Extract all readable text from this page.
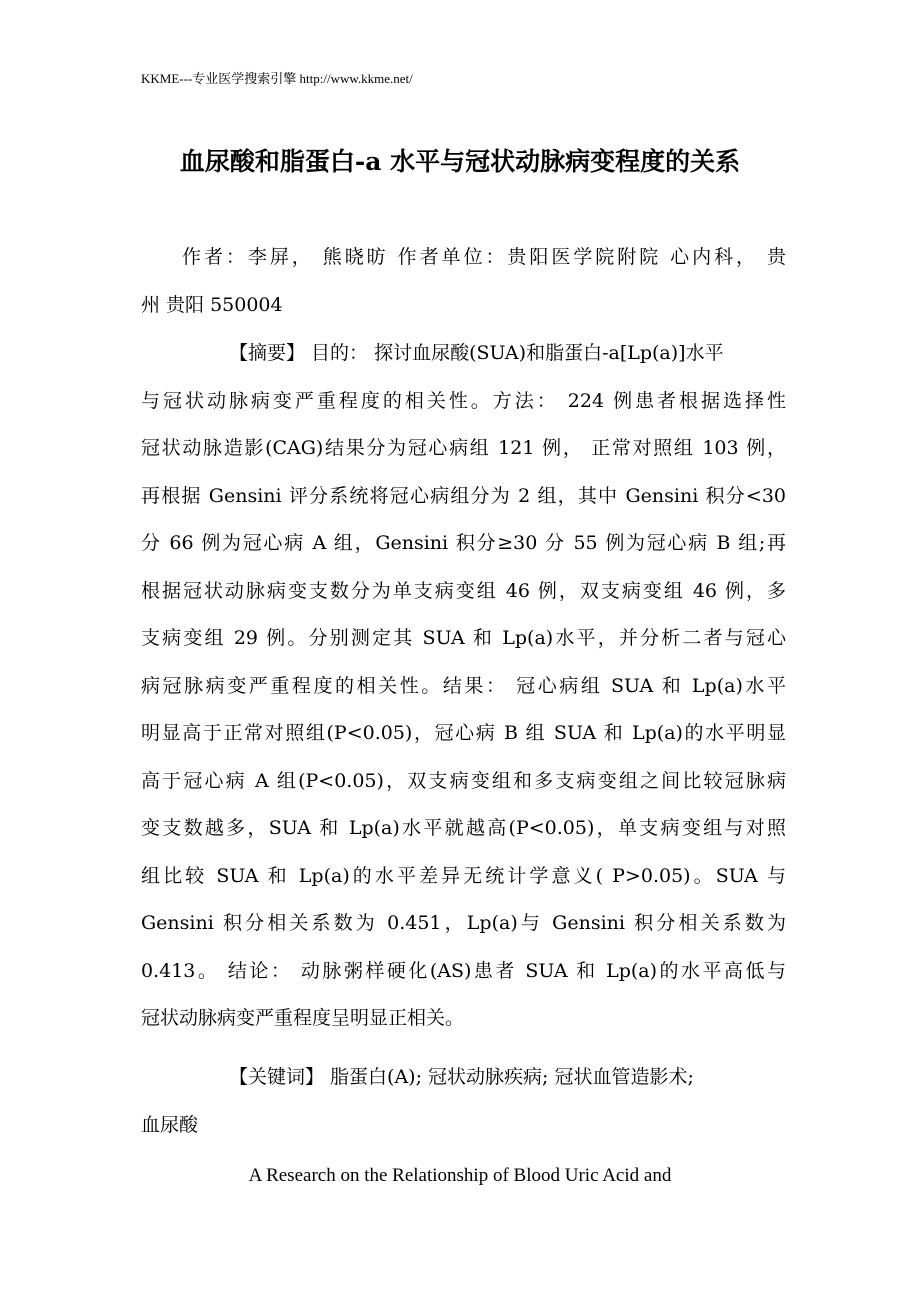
KKME---专业医学搜索引擎 http://www.kkme.net/
血尿酸和脂蛋白-a 水平与冠状动脉病变程度的关系
作者：李屏， 熊晓昉 作者单位：贵阳医学院附院 心内科， 贵
州 贵阳 550004
【摘要】 目的： 探讨血尿酸(SUA)和脂蛋白-a[Lp(a)]水平
与冠状动脉病变严重程度的相关性。方法： 224 例患者根据选择性
冠状动脉造影(CAG)结果分为冠心病组 121 例， 正常对照组 103 例，
再根据 Gensini 评分系统将冠心病组分为 2 组，其中 Gensini 积分<30
分 66 例为冠心病 A 组，Gensini 积分≥30 分 55 例为冠心病 B 组;再
根据冠状动脉病变支数分为单支病变组 46 例，双支病变组 46 例，多
支病变组 29 例。分别测定其 SUA 和 Lp(a)水平，并分析二者与冠心
病冠脉病变严重程度的相关性。结果： 冠心病组 SUA 和 Lp(a)水平
明显高于正常对照组(P<0.05)，冠心病 B 组 SUA 和 Lp(a)的水平明显
高于冠心病 A 组(P<0.05)，双支病变组和多支病变组之间比较冠脉病
变支数越多，SUA 和 Lp(a)水平就越高(P<0.05)，单支病变组与对照
组比较 SUA 和 Lp(a)的水平差异无统计学意义( P>0.05)。SUA 与
Gensini 积分相关系数为 0.451，Lp(a)与 Gensini 积分相关系数为
0.413。 结论： 动脉粥样硬化(AS)患者 SUA 和 Lp(a)的水平高低与
冠状动脉病变严重程度呈明显正相关。
【关键词】 脂蛋白(A); 冠状动脉疾病; 冠状血管造影术;
血尿酸
A Research on the Relationship of Blood Uric Acid and
